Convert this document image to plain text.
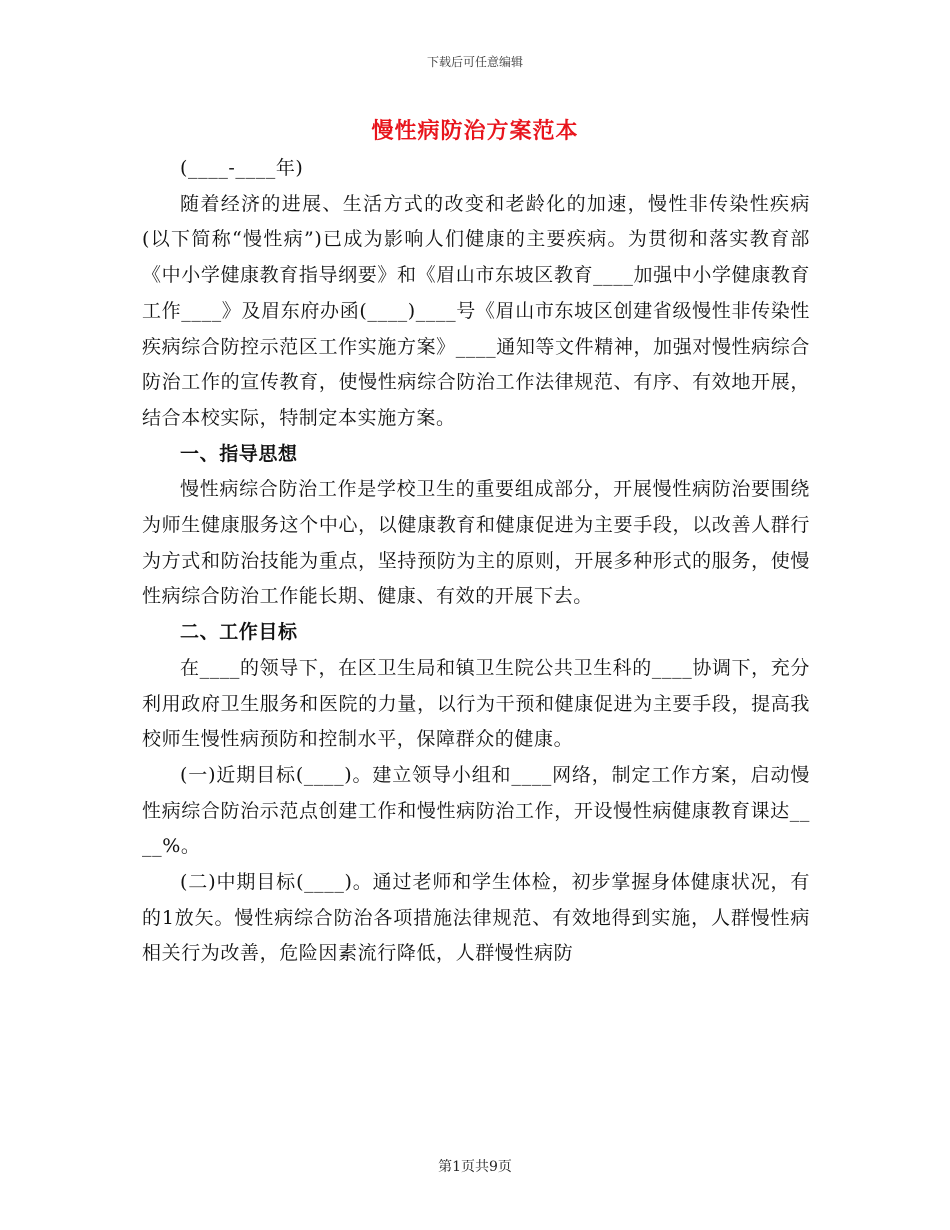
下载后可任意编辑
慢性病防治方案范本

(____-____年)

随着经济的进展、生活方式的改变和老龄化的加速，慢性非传染性疾病(以下简称“慢性病”)已成为影响人们健康的主要疾病。为贯彻和落实教育部《中小学健康教育指导纲要》和《眉山市东坡区教育____加强中小学健康教育工作____》及眉东府办函(____)____号《眉山市东坡区创建省级慢性非传染性疾病综合防控示范区工作实施方案》____通知等文件精神，加强对慢性病综合防治工作的宣传教育，使慢性病综合防治工作法律规范、有序、有效地开展，结合本校实际，特制定本实施方案。

一、指导思想

慢性病综合防治工作是学校卫生的重要组成部分，开展慢性病防治要围绕为师生健康服务这个中心，以健康教育和健康促进为主要手段，以改善人群行为方式和防治技能为重点，坚持预防为主的原则，开展多种形式的服务，使慢性病综合防治工作能长期、健康、有效的开展下去。

二、工作目标

在____的领导下，在区卫生局和镇卫生院公共卫生科的____协调下，充分利用政府卫生服务和医院的力量，以行为干预和健康促进为主要手段，提高我校师生慢性病预防和控制水平，保障群众的健康。

(一)近期目标(____)。建立领导小组和____网络，制定工作方案，启动慢性病综合防治示范点创建工作和慢性病防治工作，开设慢性病健康教育课达____%。

(二)中期目标(____)。通过老师和学生体检，初步掌握身体健康状况，有的1放矢。慢性病综合防治各项措施法律规范、有效地得到实施，人群慢性病相关行为改善，危险因素流行降低，人群慢性病防

第1页共9页
